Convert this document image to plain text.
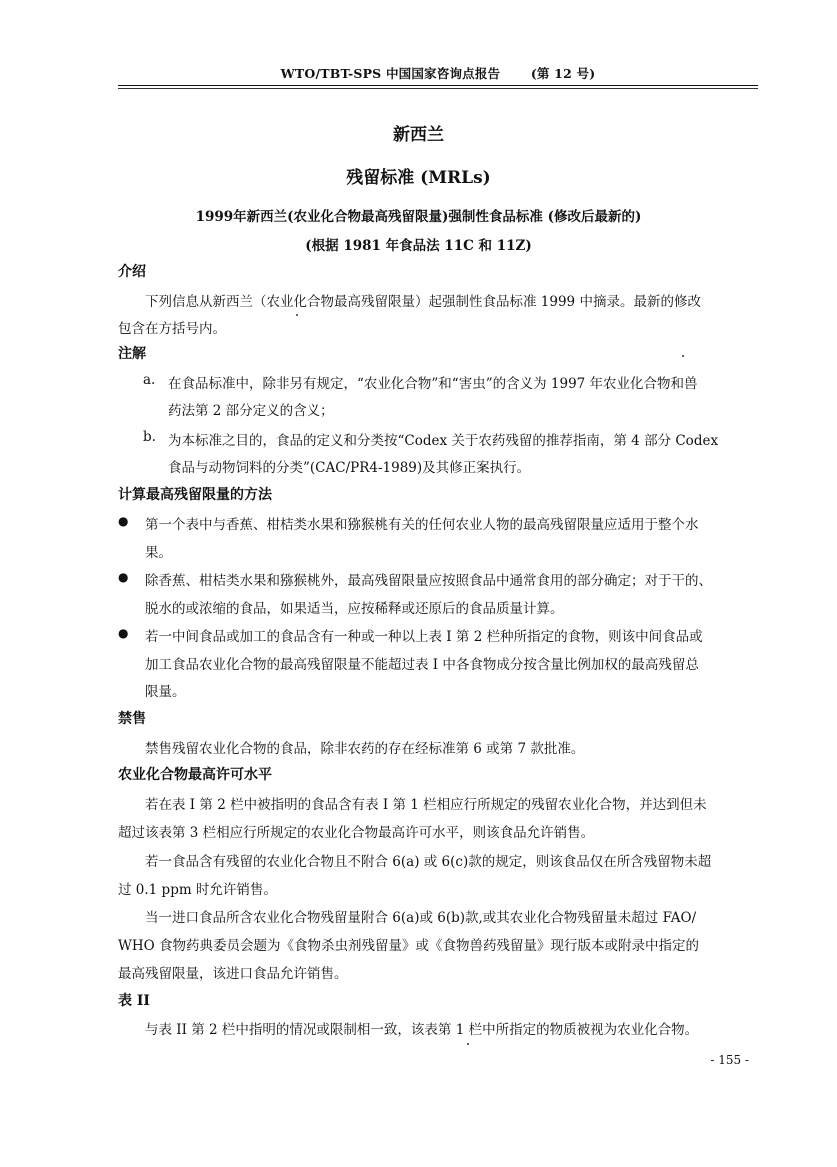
WTO/TBT-SPS 中国国家咨询点报告 (第 12 号)
新西兰
残留标准 (MRLs)
1999年新西兰(农业化合物最高残留限量)强制性食品标准 (修改后最新的)
(根据 1981 年食品法 11C 和 11Z)
介绍
下列信息从新西兰（农业化合物最高残留限量）起强制性食品标准 1999 中摘录。最新的修改
包含在方括号内。
注解
a. 在食品标准中，除非另有规定，“农业化合物”和“害虫”的含义为 1997 年农业化合物和兽
药法第 2 部分定义的含义；
b. 为本标准之目的，食品的定义和分类按“Codex 关于农药残留的推荐指南，第 4 部分 Codex
食品与动物饲料的分类”(CAC/PR4-1989)及其修正案执行。
计算最高残留限量的方法
● 第一个表中与香蕉、柑桔类水果和猕猴桃有关的任何农业人物的最高残留限量应适用于整个水
果。
● 除香蕉、柑桔类水果和猕猴桃外，最高残留限量应按照食品中通常食用的部分确定；对于干的、
脱水的或浓缩的食品，如果适当，应按稀释或还原后的食品质量计算。
● 若一中间食品或加工的食品含有一种或一种以上表 I 第 2 栏种所指定的食物，则该中间食品或
加工食品农业化合物的最高残留限量不能超过表 I 中各食物成分按含量比例加权的最高残留总
限量。
禁售
禁售残留农业化合物的食品，除非农药的存在经标准第 6 或第 7 款批准。
农业化合物最高许可水平
若在表 I 第 2 栏中被指明的食品含有表 I 第 1 栏相应行所规定的残留农业化合物，并达到但未
超过该表第 3 栏相应行所规定的农业化合物最高许可水平，则该食品允许销售。
若一食品含有残留的农业化合物且不附合 6(a) 或 6(c)款的规定，则该食品仅在所含残留物未超
过 0.1 ppm 时允许销售。
当一进口食品所含农业化合物残留量附合 6(a)或 6(b)款,或其农业化合物残留量未超过 FAO/
WHO 食物药典委员会题为《食物杀虫剂残留量》或《食物兽药残留量》现行版本或附录中指定的
最高残留限量，该进口食品允许销售。
表 II
与表 II 第 2 栏中指明的情况或限制相一致，该表第 1 栏中所指定的物质被视为农业化合物。
- 155 -
